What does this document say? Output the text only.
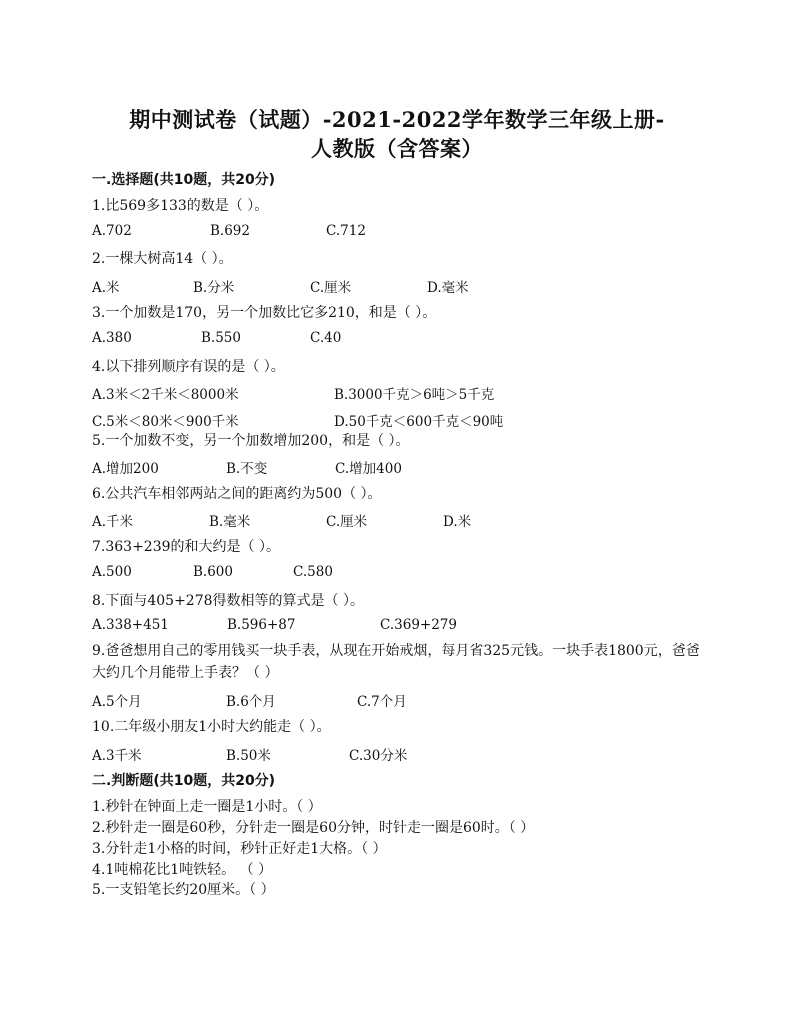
期中测试卷（试题）-2021-2022学年数学三年级上册-
人教版（含答案）
一.选择题(共10题，共20分)
1.比569多133的数是（ ）。
A.702	B.692	C.712
2.一棵大树高14（ ）。
A.米	B.分米	C.厘米	D.毫米
3.一个加数是170，另一个加数比它多210，和是（ ）。
A.380	B.550	C.40
4.以下排列顺序有误的是（ ）。
A.3米＜2千米＜8000米	B.3000千克＞6吨＞5千克
C.5米＜80米＜900千米	D.50千克＜600千克＜90吨
5.一个加数不变，另一个加数增加200，和是（ ）。
A.增加200	B.不变	C.增加400
6.公共汽车相邻两站之间的距离约为500（ ）。
A.千米	B.毫米	C.厘米	D.米
7.363+239的和大约是（ ）。
A.500	B.600	C.580
8.下面与405+278得数相等的算式是（ ）。
A.338+451	B.596+87	C.369+279
9.爸爸想用自己的零用钱买一块手表，从现在开始戒烟，每月省325元钱。一块手表1800元，爸爸大约几个月能带上手表？（ ）
A.5个月	B.6个月	C.7个月
10.二年级小朋友1小时大约能走（ ）。
A.3千米	B.50米	C.30分米
二.判断题(共10题，共20分)
1.秒针在钟面上走一圈是1小时。（ ）
2.秒针走一圈是60秒，分针走一圈是60分钟，时针走一圈是60时。（ ）
3.分针走1小格的时间，秒针正好走1大格。（ ）
4.1吨棉花比1吨铁轻。 （ ）
5.一支铅笔长约20厘米。（ ）
